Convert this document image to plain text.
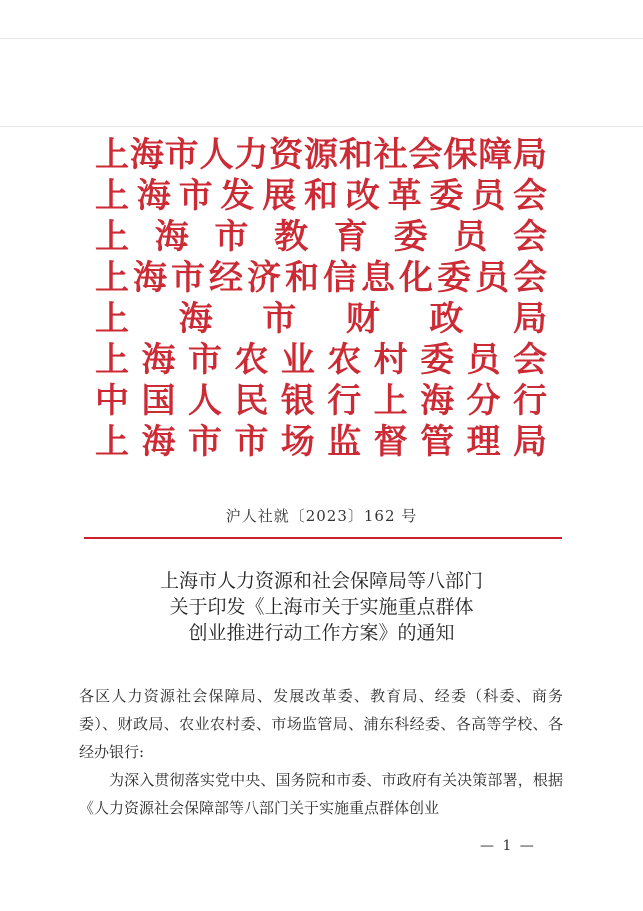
上海市人力资源和社会保障局
上海市发展和改革委员会
上海市教育委员会
上海市经济和信息化委员会
上海市财政局
上海市农业农村委员会
中国人民银行上海分行
上海市市场监督管理局
沪人社就〔2023〕162 号
上海市人力资源和社会保障局等八部门
关于印发《上海市关于实施重点群体
创业推进行动工作方案》的通知

各区人力资源社会保障局、发展改革委、教育局、经委（科委、商务委）、财政局、农业农村委、市场监管局、浦东科经委、各高等学校、各经办银行:

为深入贯彻落实党中央、国务院和市委、市政府有关决策部署，根据《人力资源社会保障部等八部门关于实施重点群体创业

— 1 —
